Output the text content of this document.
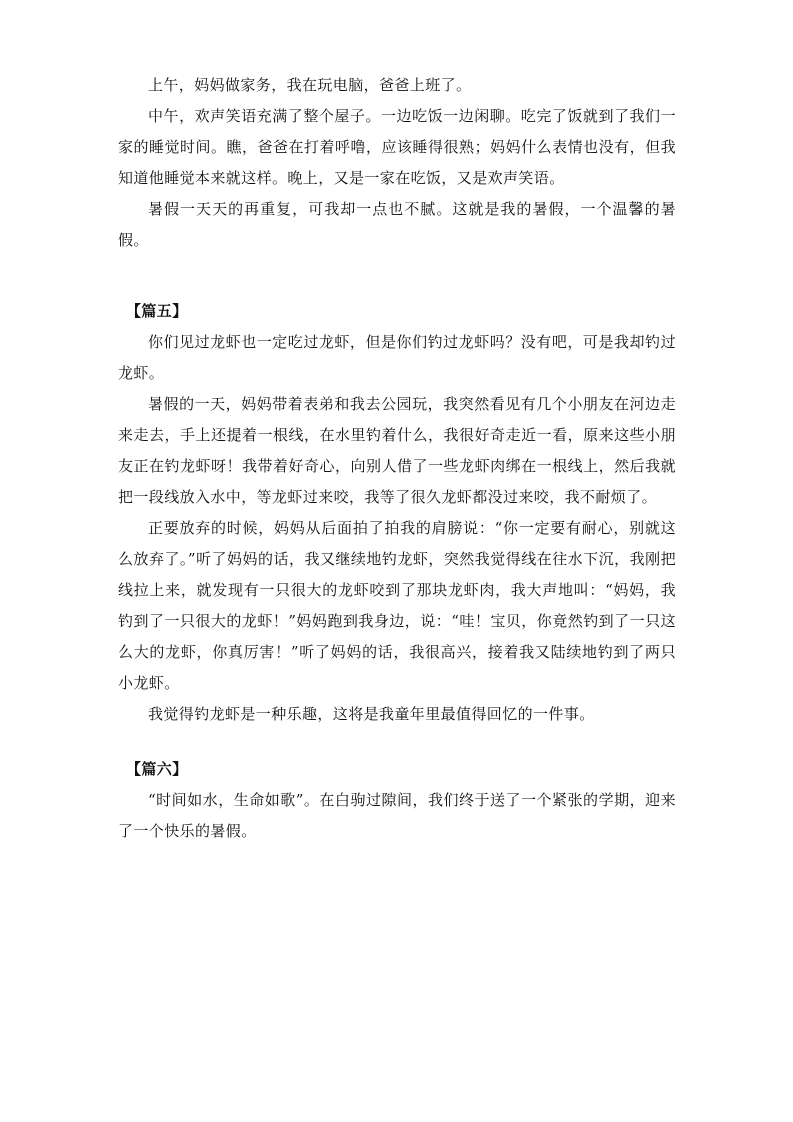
上午，妈妈做家务，我在玩电脑，爸爸上班了。

中午，欢声笑语充满了整个屋子。一边吃饭一边闲聊。吃完了饭就到了我们一家的睡觉时间。瞧，爸爸在打着呼噜，应该睡得很熟；妈妈什么表情也没有，但我知道他睡觉本来就这样。晚上，又是一家在吃饭，又是欢声笑语。

暑假一天天的再重复，可我却一点也不腻。这就是我的暑假，一个温馨的暑假。

【篇五】

你们见过龙虾也一定吃过龙虾，但是你们钓过龙虾吗？没有吧，可是我却钓过龙虾。

暑假的一天，妈妈带着表弟和我去公园玩，我突然看见有几个小朋友在河边走来走去，手上还提着一根线，在水里钓着什么，我很好奇走近一看，原来这些小朋友正在钓龙虾呀！我带着好奇心，向别人借了一些龙虾肉绑在一根线上，然后我就把一段线放入水中，等龙虾过来咬，我等了很久龙虾都没过来咬，我不耐烦了。

正要放弃的时候，妈妈从后面拍了拍我的肩膀说：“你一定要有耐心，别就这么放弃了。”听了妈妈的话，我又继续地钓龙虾，突然我觉得线在往水下沉，我刚把线拉上来，就发现有一只很大的龙虾咬到了那块龙虾肉，我大声地叫：“妈妈，我钓到了一只很大的龙虾！”妈妈跑到我身边，说：“哇！宝贝，你竟然钓到了一只这么大的龙虾，你真厉害！”听了妈妈的话，我很高兴，接着我又陆续地钓到了两只小龙虾。

我觉得钓龙虾是一种乐趣，这将是我童年里最值得回忆的一件事。

【篇六】

“时间如水，生命如歌”。在白驹过隙间，我们终于送了一个紧张的学期，迎来了一个快乐的暑假。
